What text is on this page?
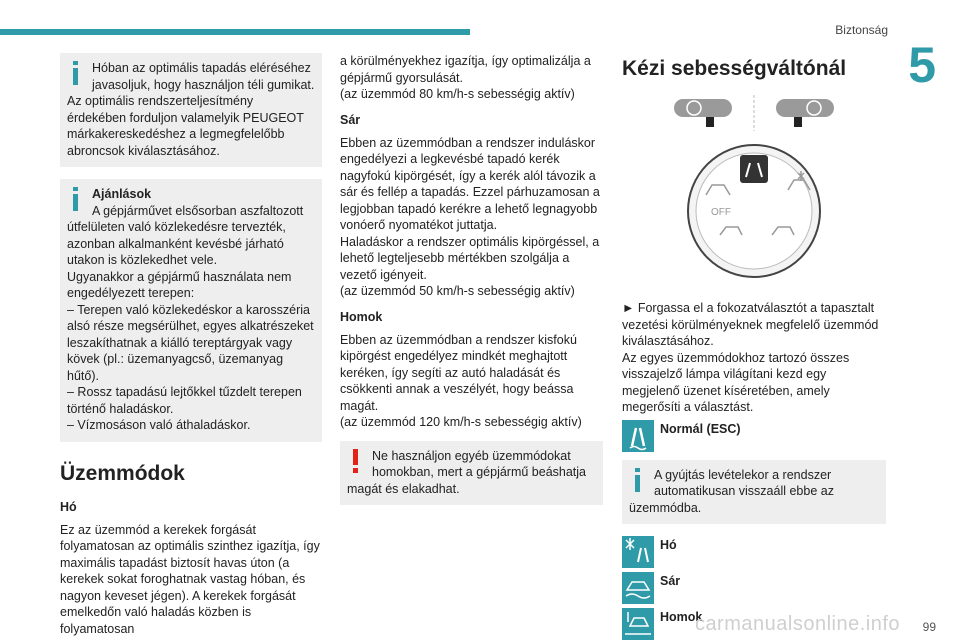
Biztonság
5

Hóban az optimális tapadás eléréséhez javasoljuk, hogy használjon téli gumikat.

Az optimális rendszerteljesítmény érdekében forduljon valamelyik PEUGEOT márkakereskedéshez a legmegfelelőbb abroncsok kiválasztásához.

Ajánlások

A gépjárművet elsősorban aszfaltozott

útfelületen való közlekedésre tervezték, azonban alkalmanként kevésbé járható utakon is közlekedhet vele.
Ugyanakkor a gépjármű használata nem engedélyezett terepen:
– Terepen való közlekedéskor a karosszéria alsó része megsérülhet, egyes alkatrészeket leszakíthatnak a kiálló tereptárgyak vagy kövek (pl.: üzemanyagcső, üzemanyag hűtő).
– Rossz tapadású lejtőkkel tűzdelt terepen történő haladáskor.
– Vízmosáson való áthaladáskor.

Üzemmódok
Hó

Ez az üzemmód a kerekek forgását folyamatosan az optimális szinthez igazítja, így maximális tapadást biztosít havas úton (a kerekek sokat foroghatnak vastag hóban, és nagyon keveset jégen). A kerekek forgását emelkedőn való haladás közben is folyamatosan

a körülményekhez igazítja, így optimalizálja a gépjármű gyorsulását.
(az üzemmód 80 km/h-s sebességig aktív)

Sár

Ebben az üzemmódban a rendszer induláskor engedélyezi a legkevésbé tapadó kerék nagyfokú kipörgését, így a kerék alól távozik a sár és fellép a tapadás. Ezzel párhuzamosan a legjobban tapadó kerékre a lehető legnagyobb vonóerő nyomatékot juttatja.
Haladáskor a rendszer optimális kipörgéssel, a lehető legteljesebb mértékben szolgálja a vezető igényeit.
(az üzemmód 50 km/h-s sebességig aktív)

Homok

Ebben az üzemmódban a rendszer kisfokú kipörgést engedélyez mindkét meghajtott keréken, így segíti az autó haladását és csökkenti annak a veszélyét, hogy beássa magát.
(az üzemmód 120 km/h-s sebességig aktív)

Ne használjon egyéb üzemmódokat homokban, mert a gépjármű beáshatja

magát és elakadhat.

Kézi sebességváltónál
OFF

► Forgassa el a fokozatválasztót a tapasztalt vezetési körülményeknek megfelelő üzemmód kiválasztásához.
Az egyes üzemmódokhoz tartozó összes visszajelző lámpa világítani kezd egy megjelenő üzenet kíséretében, amely megerősíti a választást.

Normál (ESC)

A gyújtás levételekor a rendszer automatikusan visszaáll ebbe az

üzemmódba.

Hó
Sár
Homok
carmanualsonline.info 99
